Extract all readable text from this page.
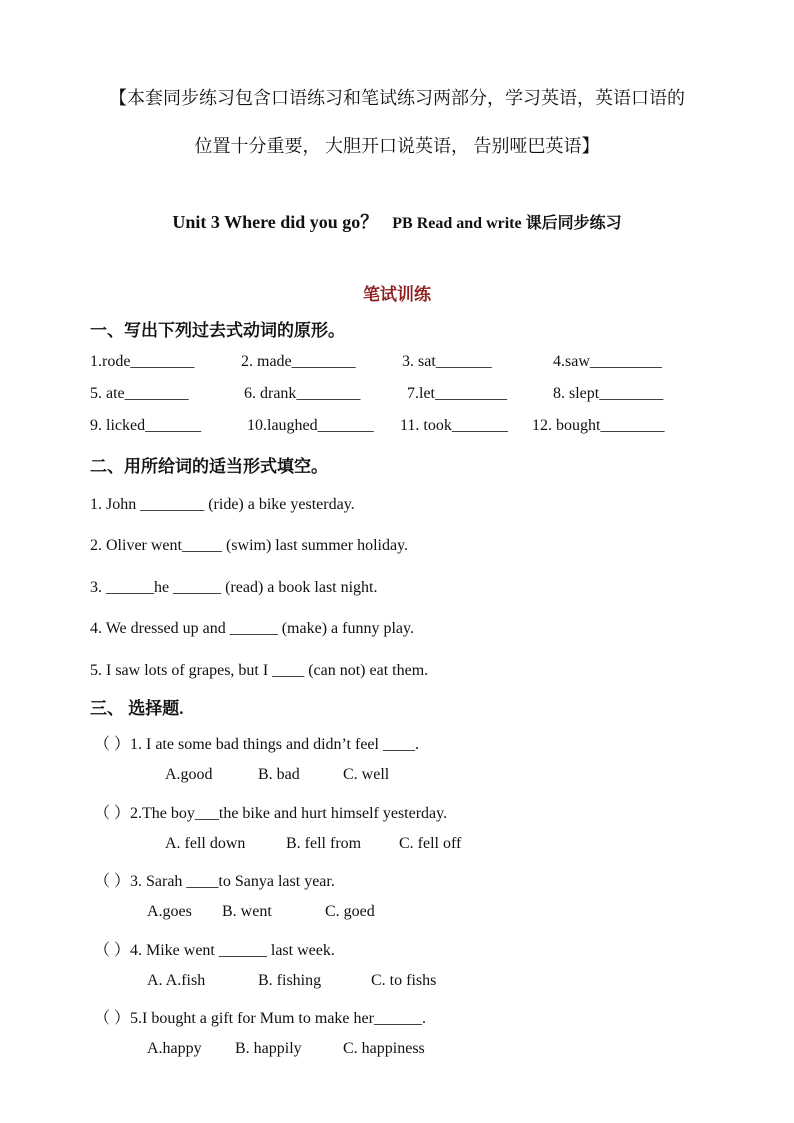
【本套同步练习包含口语练习和笔试练习两部分，学习英语，英语口语的
位置十分重要， 大胆开口说英语， 告别哑巴英语】
Unit 3 Where did you go？ PB Read and write 课后同步练习
笔试训练
一、写出下列过去式动词的原形。
1.rode________	2. made________	3. sat_______	4.saw_________
5. ate________	6. drank________	7.let_________	8. slept________
9. licked_______	10.laughed_______ 11. took_______ 12. bought________
二、用所给词的适当形式填空。
1. John ________ (ride) a bike yesterday.
2. Oliver went_____ (swim) last summer holiday.
3. ______he ______ (read) a book last night.
4. We dressed up and ______ (make) a funny play.
5. I saw lots of grapes, but I ____ (can not) eat them.
三、 选择题.
（ ）1. I ate some bad things and didn’t feel ____.
A.good	B. bad	C. well
（ ）2.The boy___the bike and hurt himself yesterday.
A. fell down	B. fell from C. fell off
（ ）3. Sarah ____to Sanya last year.
A.goes B. went	C. goed
（ ）4. Mike went ______ last week.
A. A.fish	B. fishing	C. to fishs
（ ）5.I bought a gift for Mum to make her______.
A.happy B. happily	C. happiness
